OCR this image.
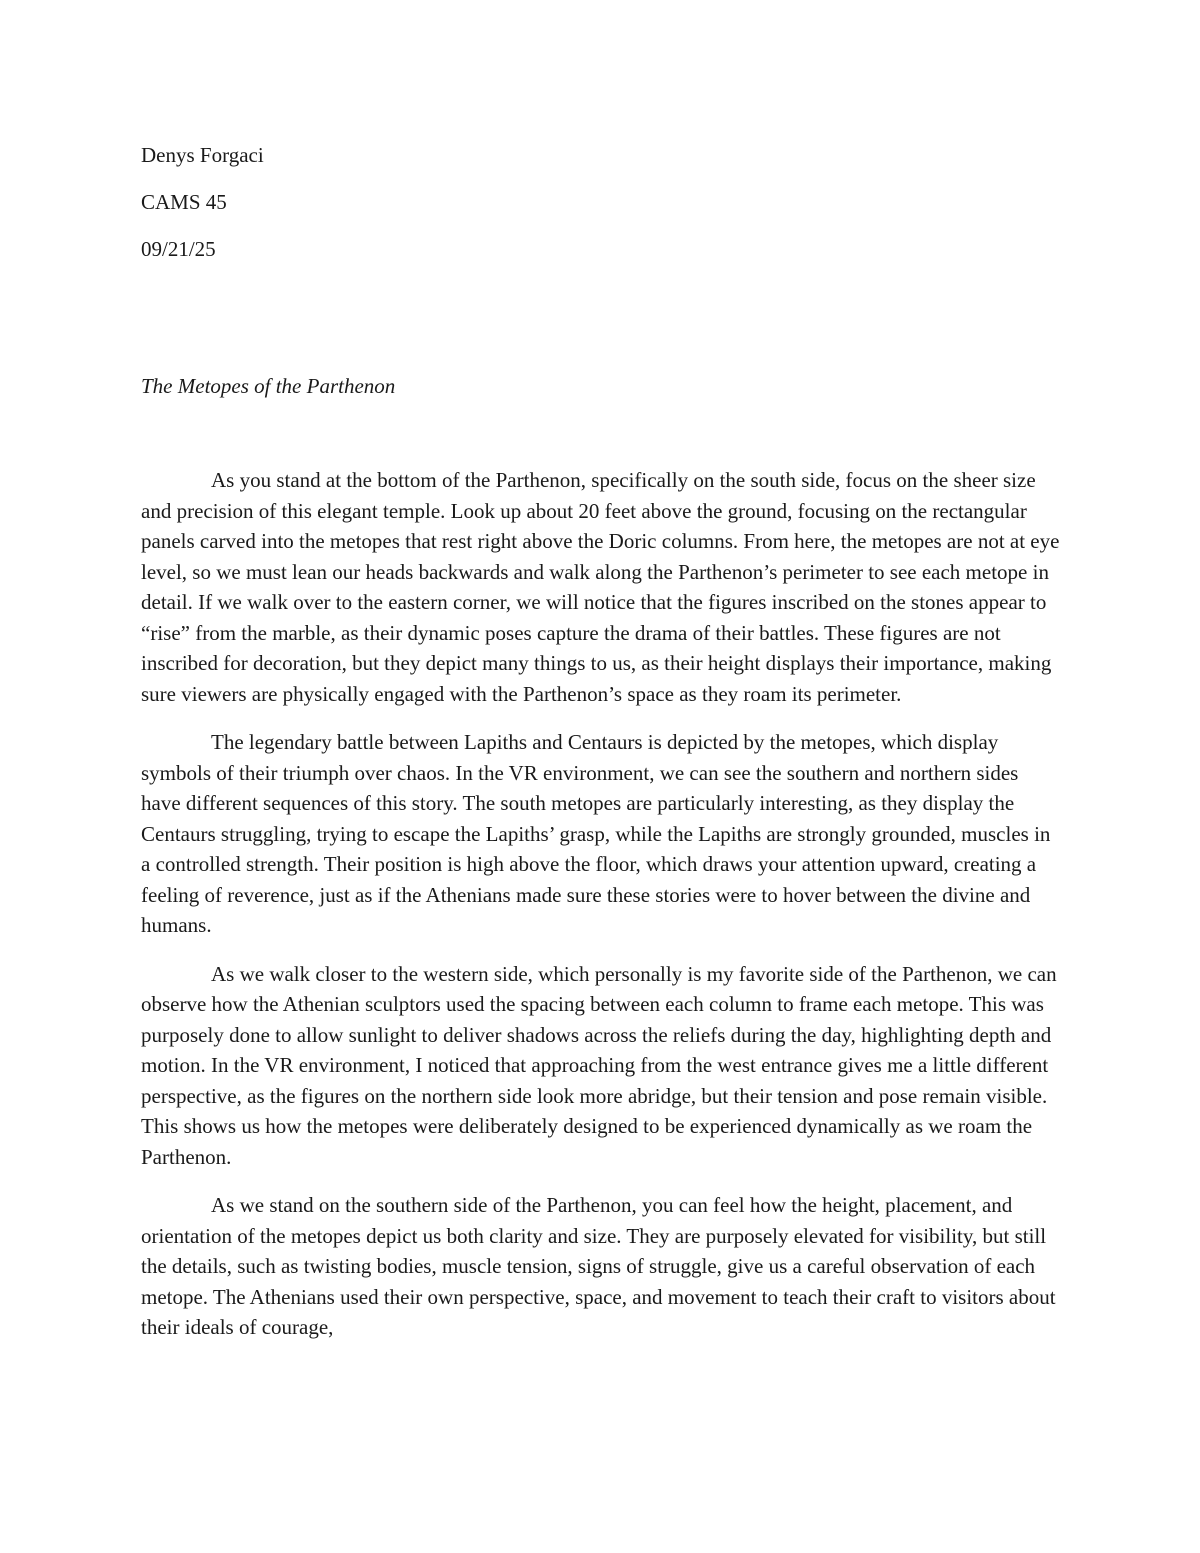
Denys Forgaci

CAMS 45

09/21/25

The Metopes of the Parthenon

As you stand at the bottom of the Parthenon, specifically on the south side, focus on the sheer size and precision of this elegant temple. Look up about 20 feet above the ground, focusing on the rectangular panels carved into the metopes that rest right above the Doric columns. From here, the metopes are not at eye level, so we must lean our heads backwards and walk along the Parthenon’s perimeter to see each metope in detail. If we walk over to the eastern corner, we will notice that the figures inscribed on the stones appear to “rise” from the marble, as their dynamic poses capture the drama of their battles. These figures are not inscribed for decoration, but they depict many things to us, as their height displays their importance, making sure viewers are physically engaged with the Parthenon’s space as they roam its perimeter.

The legendary battle between Lapiths and Centaurs is depicted by the metopes, which display symbols of their triumph over chaos. In the VR environment, we can see the southern and northern sides have different sequences of this story. The south metopes are particularly interesting, as they display the Centaurs struggling, trying to escape the Lapiths’ grasp, while the Lapiths are strongly grounded, muscles in a controlled strength. Their position is high above the floor, which draws your attention upward, creating a feeling of reverence, just as if the Athenians made sure these stories were to hover between the divine and humans.

As we walk closer to the western side, which personally is my favorite side of the Parthenon, we can observe how the Athenian sculptors used the spacing between each column to frame each metope. This was purposely done to allow sunlight to deliver shadows across the reliefs during the day, highlighting depth and motion. In the VR environment, I noticed that approaching from the west entrance gives me a little different perspective, as the figures on the northern side look more abridge, but their tension and pose remain visible. This shows us how the metopes were deliberately designed to be experienced dynamically as we roam the Parthenon.

As we stand on the southern side of the Parthenon, you can feel how the height, placement, and orientation of the metopes depict us both clarity and size. They are purposely elevated for visibility, but still the details, such as twisting bodies, muscle tension, signs of struggle, give us a careful observation of each metope. The Athenians used their own perspective, space, and movement to teach their craft to visitors about their ideals of courage,
